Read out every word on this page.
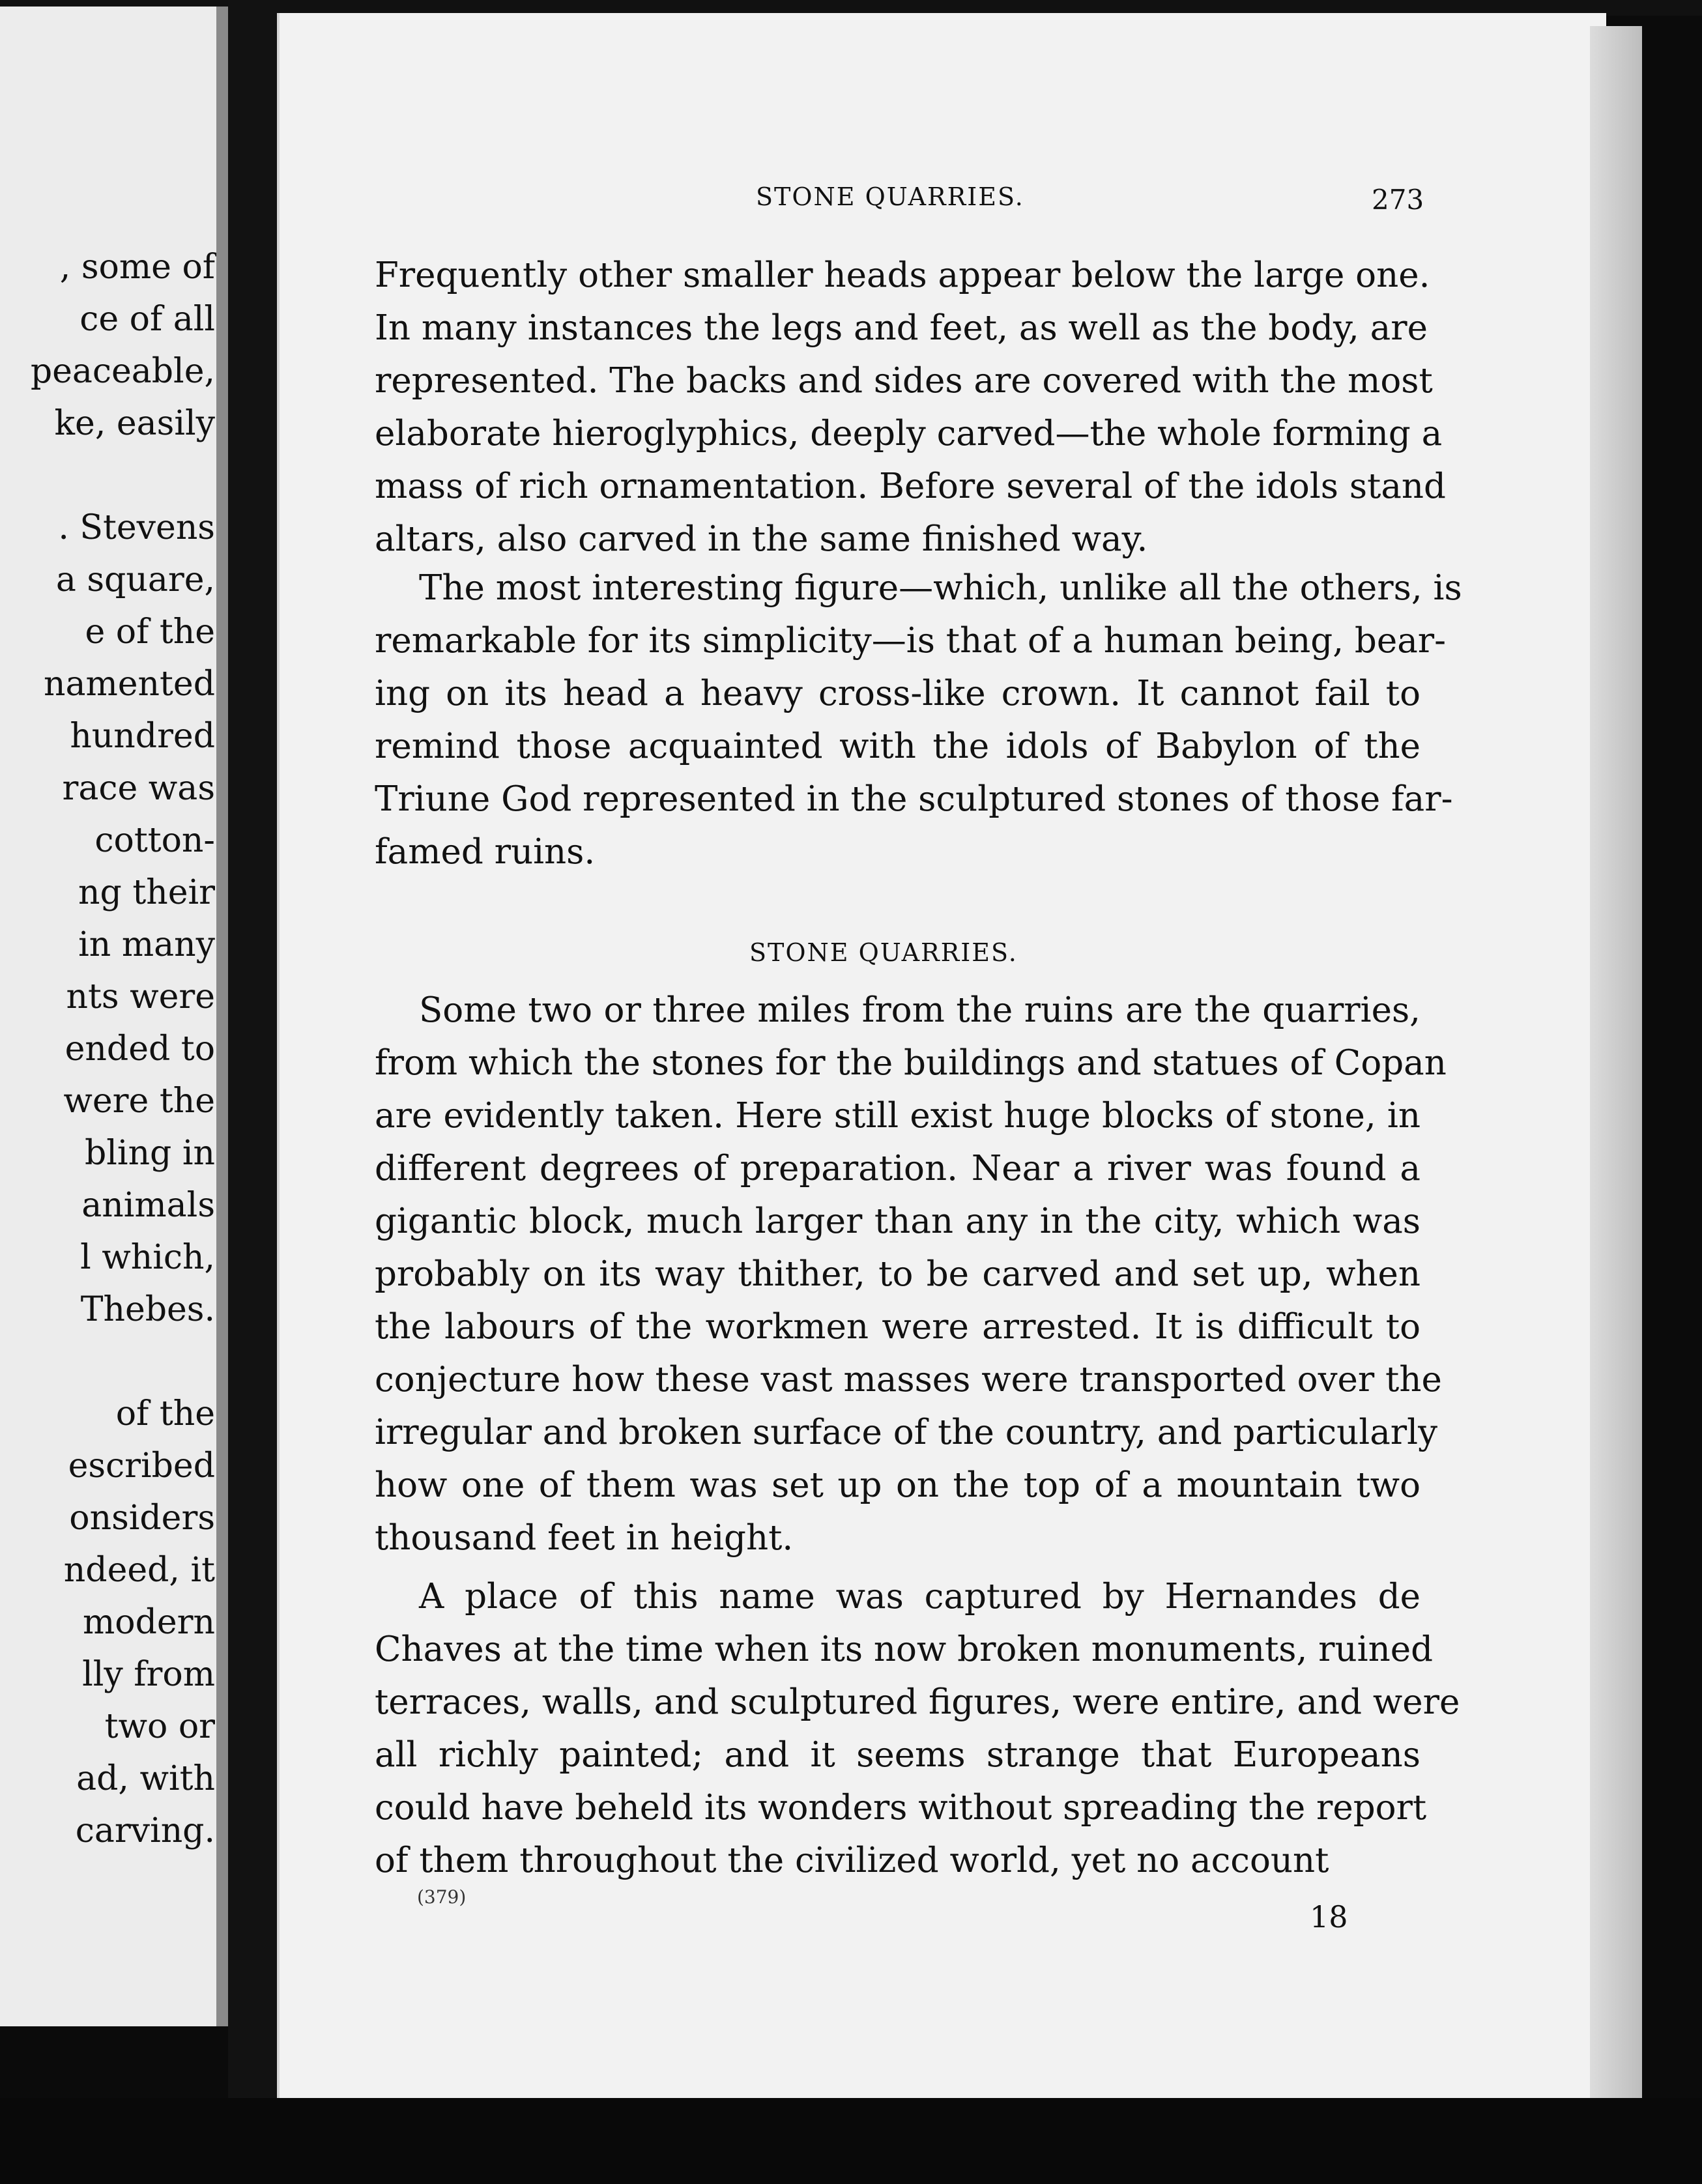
, some of
ce of all
peaceable,
ke, easily
. Stevens
a square,
e of the
namented
hundred
race was
cotton-
ng their
in many
nts were
ended to
were the
bling in
animals
l which,
Thebes.
of the
escribed
onsiders
ndeed, it
modern
lly from
two or
ad, with
carving.
STONE QUARRIES.	273
Frequently other smaller heads appear below the large one.
In many instances the legs and feet, as well as the body, are
represented. The backs and sides are covered with the most
elaborate hieroglyphics, deeply carved—the whole forming a
mass of rich ornamentation. Before several of the idols stand
altars, also carved in the same finished way.
The most interesting figure—which, unlike all the others, is
remarkable for its simplicity—is that of a human being, bear-
ing on its head a heavy cross-like crown. It cannot fail to
remind those acquainted with the idols of Babylon of the
Triune God represented in the sculptured stones of those far-
famed ruins.
STONE QUARRIES.
Some two or three miles from the ruins are the quarries,
from which the stones for the buildings and statues of Copan
are evidently taken. Here still exist huge blocks of stone, in
different degrees of preparation. Near a river was found a
gigantic block, much larger than any in the city, which was
probably on its way thither, to be carved and set up, when
the labours of the workmen were arrested. It is difficult to
conjecture how these vast masses were transported over the
irregular and broken surface of the country, and particularly
how one of them was set up on the top of a mountain two
thousand feet in height.
A place of this name was captured by Hernandes de
Chaves at the time when its now broken monuments, ruined
terraces, walls, and sculptured figures, were entire, and were
all richly painted; and it seems strange that Europeans
could have beheld its wonders without spreading the report
of them throughout the civilized world, yet no account
(379)
18
